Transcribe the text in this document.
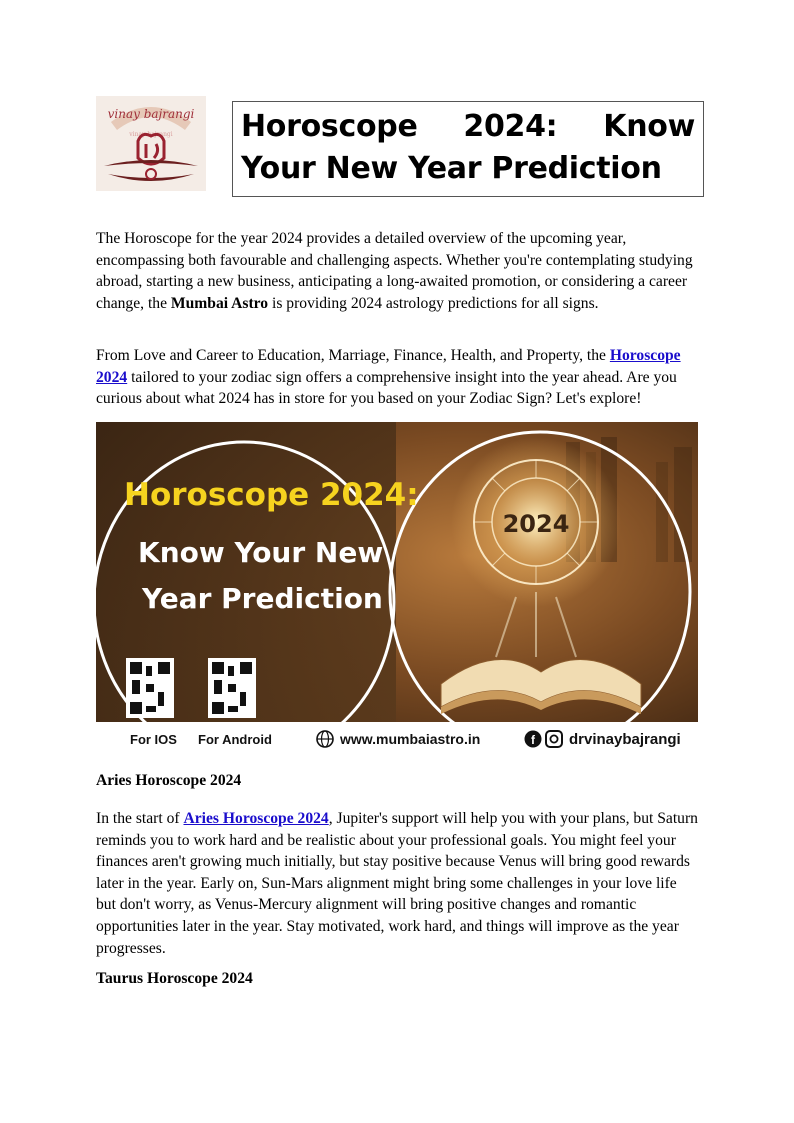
vinay bajrangi
vinay bajrangi Horoscope 2024: Know Your New Year Prediction

The Horoscope for the year 2024 provides a detailed overview of the upcoming year, encompassing both favourable and challenging aspects. Whether you're contemplating studying abroad, starting a new business, anticipating a long-awaited promotion, or considering a career change, the Mumbai Astro is providing 2024 astrology predictions for all signs.

From Love and Career to Education, Marriage, Finance, Health, and Property, the Horoscope 2024 tailored to your zodiac sign offers a comprehensive insight into the year ahead. Are you curious about what 2024 has in store for you based on your Zodiac Sign? Let's explore!

2024
Horoscope 2024:
Know Your New
Year Prediction
For IOS For Android	www.mumbaiastro.in	f drvinaybajrangi
Aries Horoscope 2024

In the start of Aries Horoscope 2024, Jupiter's support will help you with your plans, but Saturn reminds you to work hard and be realistic about your professional goals. You might feel your finances aren't growing much initially, but stay positive because Venus will bring good rewards later in the year. Early on, Sun-Mars alignment might bring some challenges in your love life but don't worry, as Venus-Mercury alignment will bring positive changes and romantic opportunities later in the year. Stay motivated, work hard, and things will improve as the year progresses.

Taurus Horoscope 2024
